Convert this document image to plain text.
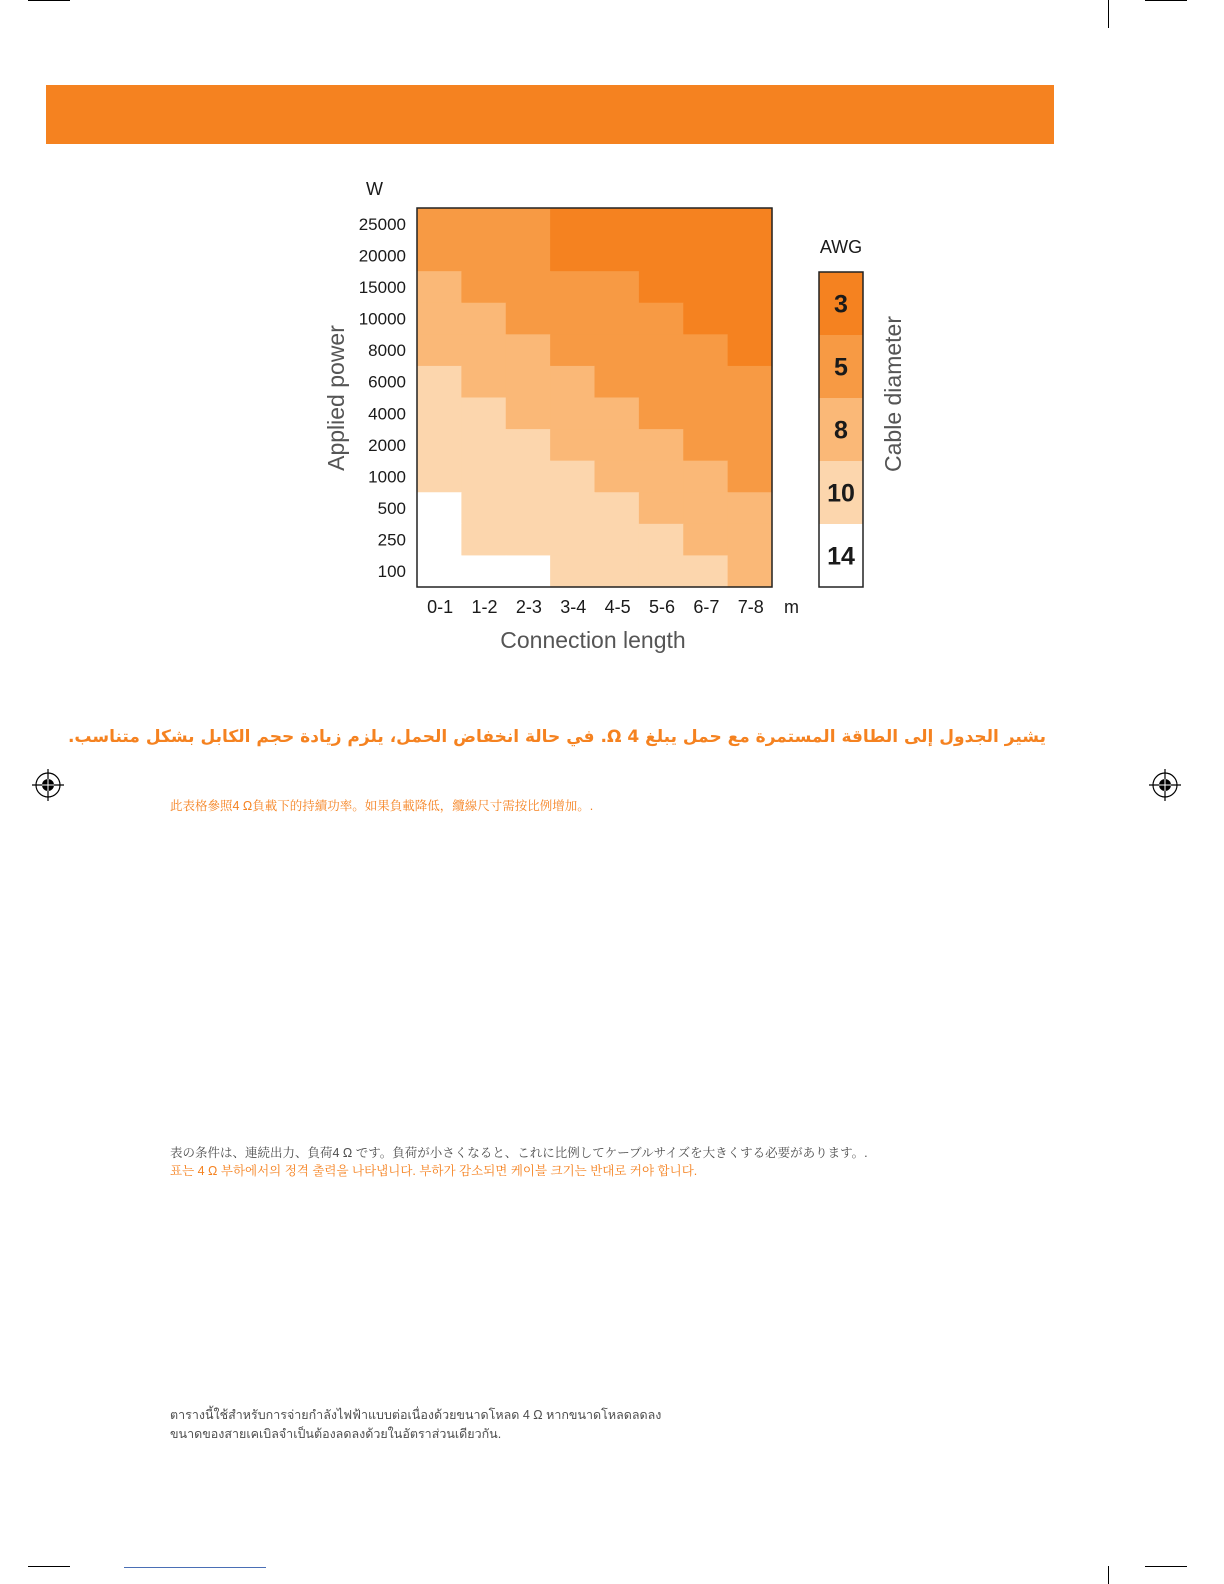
25000
20000
15000
10000
8000
6000
4000
2000
1000
500
250
100
0-1 1-2 2-3 3-4 4-5 5-6 6-7 7-8
W
m
Connection length
Applied power
AWG
3
5
8
10
14
Cable diameter
يشير الجدول إلى الطاقة المستمرة مع حمل يبلغ 4 Ω. في حالة انخفاض الحمل، يلزم زيادة حجم الكابل بشكل متناسب.
此表格參照4 Ω負載下的持續功率。如果負載降低，纜線尺寸需按比例增加。.
表の条件は、連続出力、負荷4 Ω です。負荷が小さくなると、これに比例してケーブルサイズを大きくする必要があります。.
표는 4 Ω 부하에서의 정격 출력을 나타냅니다. 부하가 감소되면 케이블 크기는 반대로 커야 합니다.
ตารางนี้ใช้สำหรับการจ่ายกำลังไฟฟ้าแบบต่อเนื่องด้วยขนาดโหลด 4 Ω หากขนาดโหลดลดลง
ขนาดของสายเคเบิลจำเป็นต้องลดลงด้วยในอัตราส่วนเดียวกัน.
